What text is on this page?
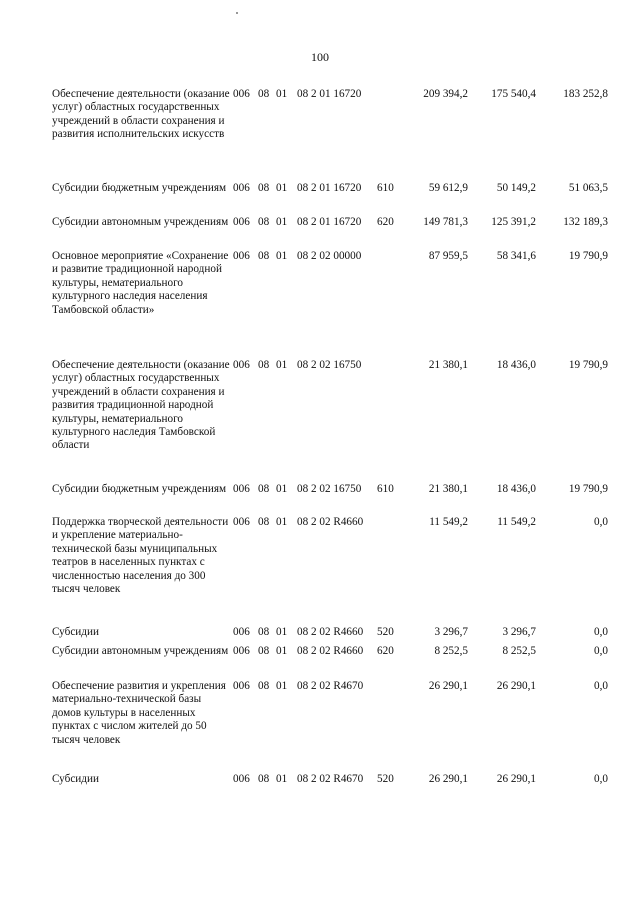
100
Обеспечение деятельности (оказание услуг) областных государственных учреждений в области сохранения и развития исполнительских искусств
006 08 01 08 2 01 16720	209 394,2 175 540,4 183 252,8
Субсидии бюджетным учреждениям 006 08 01 08 2 01 16720 610	59 612,9	50 149,2	51 063,5
Субсидии автономным учреждениям 006 08 01 08 2 01 16720 620	149 781,3 125 391,2 132 189,3
Основное мероприятие «Сохранение и развитие традиционной народной культуры, нематериального культурного наследия населения Тамбовской области»
006 08 01 08 2 02 00000	87 959,5	58 341,6	19 790,9
Обеспечение деятельности (оказание услуг) областных государственных учреждений в области сохранения и развития традиционной народной культуры, нематериального культурного наследия Тамбовской области
006 08 01 08 2 02 16750	21 380,1	18 436,0	19 790,9
Субсидии бюджетным учреждениям 006 08 01 08 2 02 16750 610	21 380,1	18 436,0	19 790,9
Поддержка творческой деятельности и укрепление материально-технической базы муниципальных театров в населенных пунктах с численностью населения до 300 тысяч человек
006 08 01 08 2 02 R4660	11 549,2	11 549,2	0,0
Субсидии	006 08 01 08 2 02 R4660 520	3 296,7	3 296,7	0,0
Субсидии автономным учреждениям 006 08 01 08 2 02 R4660 620	8 252,5	8 252,5	0,0
Обеспечение развития и укрепления материально-технической базы домов культуры в населенных пунктах с числом жителей до 50 тысяч человек
006 08 01 08 2 02 R4670	26 290,1	26 290,1	0,0
Субсидии	006 08 01 08 2 02 R4670 520	26 290,1	26 290,1	0,0
